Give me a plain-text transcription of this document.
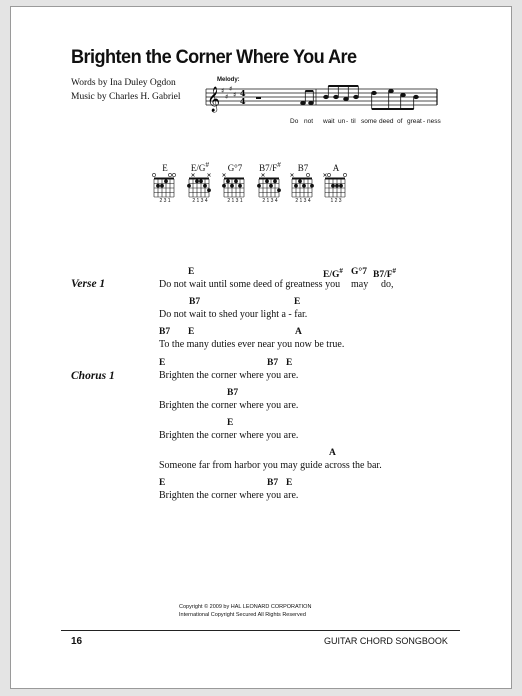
Brighten the Corner Where You Are
Words by Ina Duley Ogdon
Music by Charles H. Gabriel
Melody:
𝄞 ♯
♯
♯
♯ 4
4
Do not wait un - til some deed of great - ness
E	E/G#	G°7	B7/F#	B7	A
2 3 1	2 1 3 4	2 1 3 1	2 1 3 4	2 1 3 4	1 2 3
Verse 1
E	E/G# G°7 B7/F#
Do not wait until some deed of greatness you may do,
B7	E
Do not wait to shed your light a - far.
B7 E	A
To the many duties ever near you now be true.
Chorus 1
E	B7 E
Brighten the corner where you are.
B7
Brighten the corner where you are.
E
Brighten the corner where you are.
A
Someone far from harbor you may guide across the bar.
E	B7 E
Brighten the corner where you are.
Copyright © 2009 by HAL LEONARD CORPORATION
International Copyright Secured All Rights Reserved
16	GUITAR CHORD SONGBOOK
